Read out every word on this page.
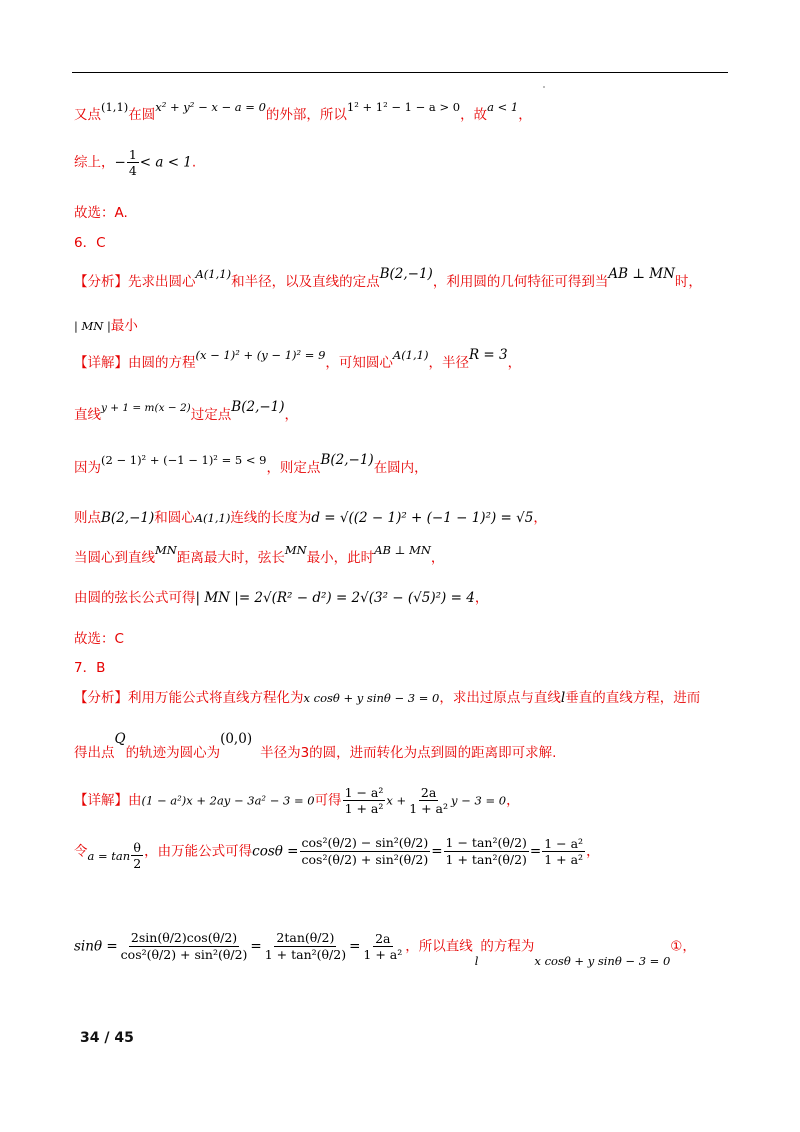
又点$^{(1,1)}$在圆$^{x^2 + y^2 - x - a = 0}$的外部，所以$^{1^2 + 1^2 - 1 - a > 0}$，故$^{a < 1}$，
综上，− $\frac{1}{4} < a < 1$.
故选：A.
6．C
【分析】先求出圆心$^{A(1,1)}$和半径，以及直线的定点B(2,−1)，利用圆的几何特征可得到当AB ⊥ MN时，
| MN |最小
【详解】由圆的方程$^{(x - 1)^2 + (y - 1)^2 = 9}$，可知圆心$^{A(1,1)}$，半径R = 3，
直线$^{y + 1 = m(x - 2)}$过定点B(2,−1)，
因为$^{(2 - 1)^2 + (-1 - 1)^2 = 5 < 9}$，则定点B(2,−1)在圆内，
则点B(2,−1)和圆心A(1,1)连线的长度为d = √((2 − 1)² + (−1 − 1)²) = √5，
当圆心到直线$^{MN}$距离最大时，弦长$^{MN}$最小，此时$^{AB \perp MN}$，
由圆的弦长公式可得| MN |= 2√(R² − d²) = 2√(3² − (√5)²) = 4，
故选：C
7．B
【分析】利用万能公式将直线方程化为x cosθ + y sinθ − 3 = 0，求出过原点与直线l垂直的直线方程，进而
得出点Q的轨迹为圆心为(0,0)半径为3的圆，进而转化为点到圆的距离即可求解.
【详解】由(1 − a²)x + 2ay − 3a² − 3 = 0可得 $\frac{\text{1 − a²}}{\text{1 + a²}}$ $x + \frac{2a}{\text{1 + a²}}$ y − 3 = 0，
令$_{a = tan} \frac{\theta}{2}$ ，由万能公式可得$\cos\theta = \frac{\text{cos²(θ/2) − sin²(θ/2)}}{\text{cos²(θ/2) + sin²(θ/2)}} = \frac{\text{1 − tan²(θ/2)}}{\text{1 + tan²(θ/2)}} = \frac{\text{1 − a²}}{\text{1 + a²}}$ ，
$\sin\theta = \frac{2\sin(\theta/2)\cos(\theta/2)}{\text{cos²(θ/2) + sin²(θ/2)}} = \frac{2\tan(\theta/2)}{\text{1 + tan²(θ/2)}} = \frac{2a}{\text{1 + a²}}$ ，所以直线$_l$的方程为$_{x cos\theta + y sin\theta - 3 = 0}$①，
34 / 45
